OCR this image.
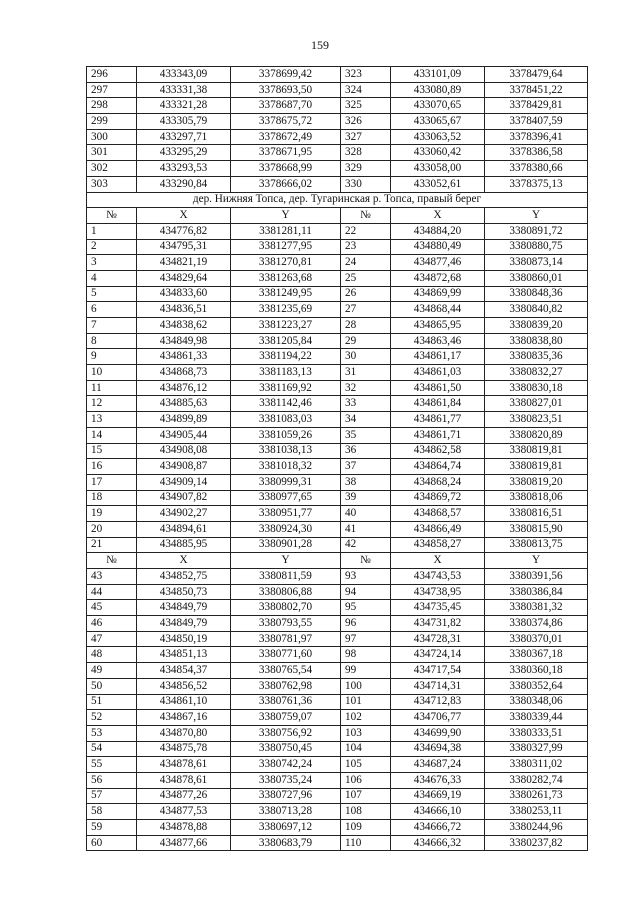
159
296	433343,09	3378699,42	323	433101,09	3378479,64
297	433331,38	3378693,50	324	433080,89	3378451,22
298	433321,28	3378687,70	325	433070,65	3378429,81
299	433305,79	3378675,72	326	433065,67	3378407,59
300	433297,71	3378672,49	327	433063,52	3378396,41
301	433295,29	3378671,95	328	433060,42	3378386,58
302	433293,53	3378668,99	329	433058,00	3378380,66
303	433290,84	3378666,02	330	433052,61	3378375,13
дер. Нижняя Топса, дер. Тугаринская р. Топса, правый берег					
№	X	Y	№	X	Y
1	434776,82	3381281,11	22	434884,20	3380891,72
2	434795,31	3381277,95	23	434880,49	3380880,75
3	434821,19	3381270,81	24	434877,46	3380873,14
4	434829,64	3381263,68	25	434872,68	3380860,01
5	434833,60	3381249,95	26	434869,99	3380848,36
6	434836,51	3381235,69	27	434868,44	3380840,82
7	434838,62	3381223,27	28	434865,95	3380839,20
8	434849,98	3381205,84	29	434863,46	3380838,80
9	434861,33	3381194,22	30	434861,17	3380835,36
10	434868,73	3381183,13	31	434861,03	3380832,27
11	434876,12	3381169,92	32	434861,50	3380830,18
12	434885,63	3381142,46	33	434861,84	3380827,01
13	434899,89	3381083,03	34	434861,77	3380823,51
14	434905,44	3381059,26	35	434861,71	3380820,89
15	434908,08	3381038,13	36	434862,58	3380819,81
16	434908,87	3381018,32	37	434864,74	3380819,81
17	434909,14	3380999,31	38	434868,24	3380819,20
18	434907,82	3380977,65	39	434869,72	3380818,06
19	434902,27	3380951,77	40	434868,57	3380816,51
20	434894,61	3380924,30	41	434866,49	3380815,90
21	434885,95	3380901,28	42	434858,27	3380813,75
№	X	Y	№	X	Y
43	434852,75	3380811,59	93	434743,53	3380391,56
44	434850,73	3380806,88	94	434738,95	3380386,84
45	434849,79	3380802,70	95	434735,45	3380381,32
46	434849,79	3380793,55	96	434731,82	3380374,86
47	434850,19	3380781,97	97	434728,31	3380370,01
48	434851,13	3380771,60	98	434724,14	3380367,18
49	434854,37	3380765,54	99	434717,54	3380360,18
50	434856,52	3380762,98	100	434714,31	3380352,64
51	434861,10	3380761,36	101	434712,83	3380348,06
52	434867,16	3380759,07	102	434706,77	3380339,44
53	434870,80	3380756,92	103	434699,90	3380333,51
54	434875,78	3380750,45	104	434694,38	3380327,99
55	434878,61	3380742,24	105	434687,24	3380311,02
56	434878,61	3380735,24	106	434676,33	3380282,74
57	434877,26	3380727,96	107	434669,19	3380261,73
58	434877,53	3380713,28	108	434666,10	3380253,11
59	434878,88	3380697,12	109	434666,72	3380244,96
60	434877,66	3380683,79	110	434666,32	3380237,82
